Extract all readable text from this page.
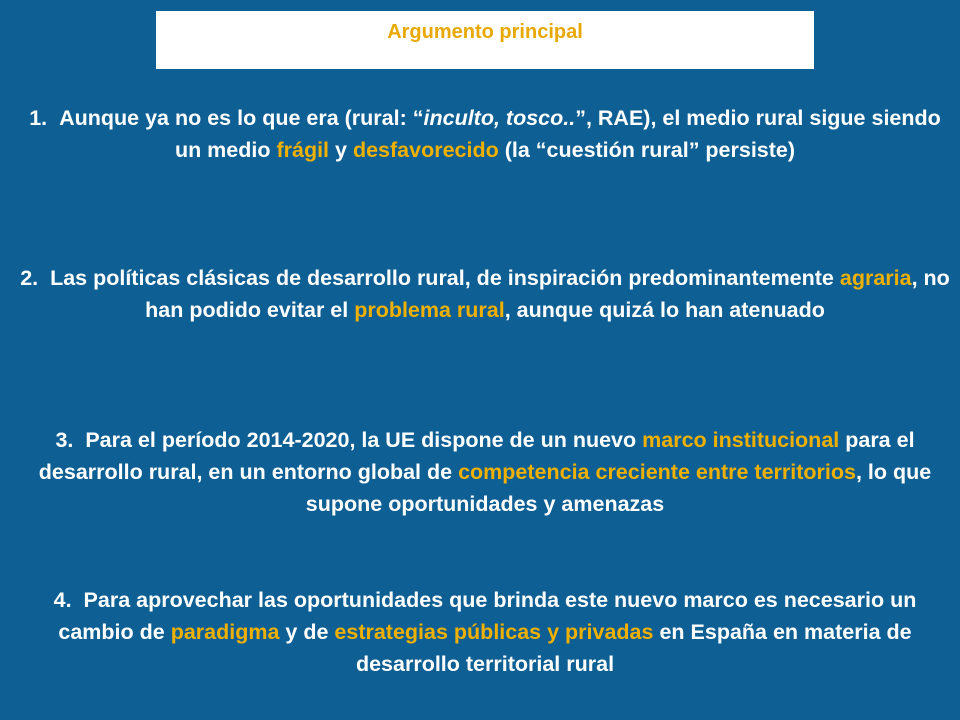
Argumento principal
1. Aunque ya no es lo que era (rural: “inculto, tosco..”, RAE), el medio rural sigue siendo un medio frágil y desfavorecido (la “cuestión rural” persiste)
2. Las políticas clásicas de desarrollo rural, de inspiración predominantemente agraria, no han podido evitar el problema rural, aunque quizá lo han atenuado
3. Para el período 2014-2020, la UE dispone de un nuevo marco institucional para el desarrollo rural, en un entorno global de competencia creciente entre territorios, lo que supone oportunidades y amenazas
4. Para aprovechar las oportunidades que brinda este nuevo marco es necesario un cambio de paradigma y de estrategias públicas y privadas en España en materia de desarrollo territorial rural
